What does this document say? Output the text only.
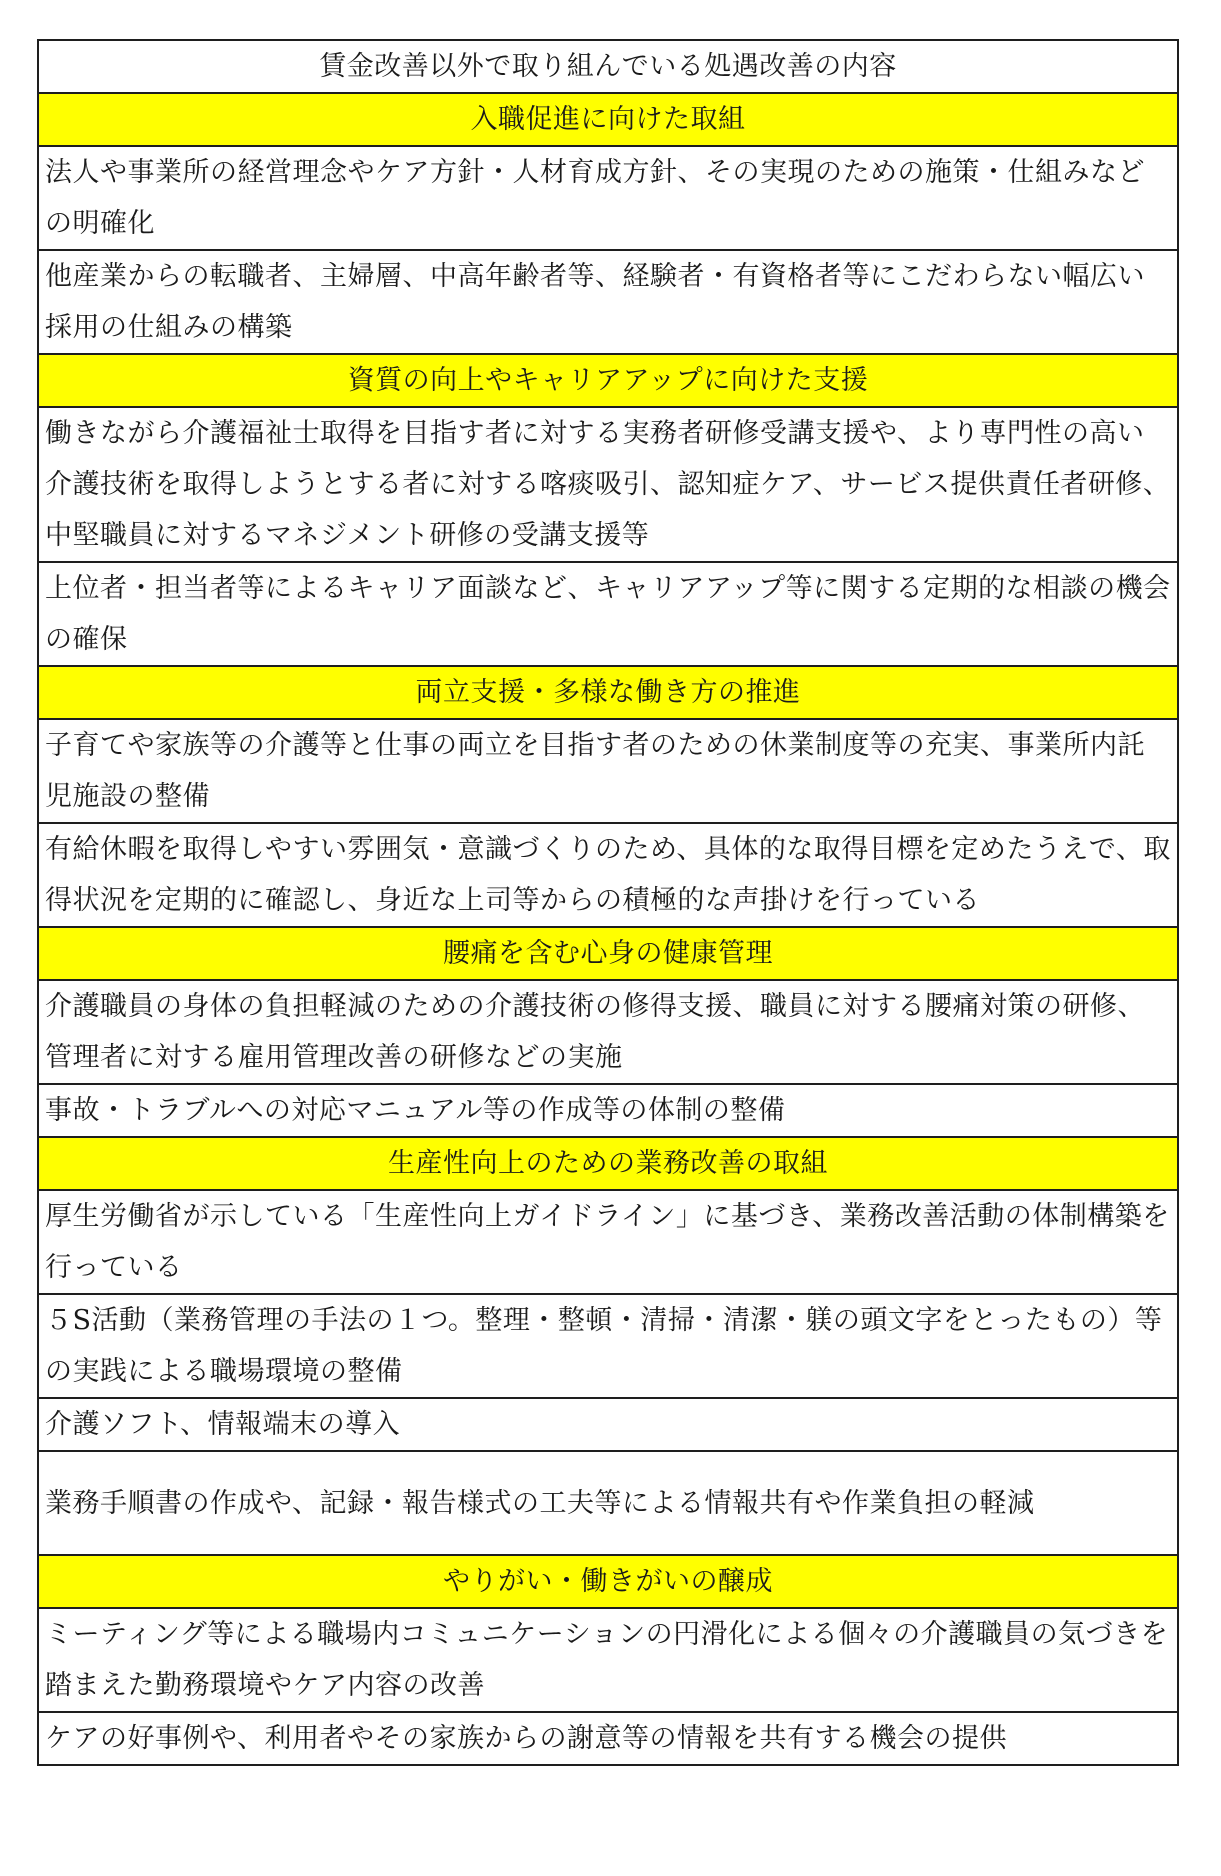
賃金改善以外で取り組んでいる処遇改善の内容
入職促進に向けた取組
法人や事業所の経営理念やケア方針・人材育成方針、その実現のための施策・仕組みなどの明確化
他産業からの転職者、主婦層、中高年齢者等、経験者・有資格者等にこだわらない幅広い採用の仕組みの構築
資質の向上やキャリアアップに向けた支援
働きながら介護福祉士取得を目指す者に対する実務者研修受講支援や、より専門性の高い介護技術を取得しようとする者に対する喀痰吸引、認知症ケア、サービス提供責任者研修、中堅職員に対するマネジメント研修の受講支援等
上位者・担当者等によるキャリア面談など、キャリアアップ等に関する定期的な相談の機会の確保
両立支援・多様な働き方の推進
子育てや家族等の介護等と仕事の両立を目指す者のための休業制度等の充実、事業所内託児施設の整備
有給休暇を取得しやすい雰囲気・意識づくりのため、具体的な取得目標を定めたうえで、取得状況を定期的に確認し、身近な上司等からの積極的な声掛けを行っている
腰痛を含む心身の健康管理
介護職員の身体の負担軽減のための介護技術の修得支援、職員に対する腰痛対策の研修、管理者に対する雇用管理改善の研修などの実施
事故・トラブルへの対応マニュアル等の作成等の体制の整備
生産性向上のための業務改善の取組
厚生労働省が示している「生産性向上ガイドライン」に基づき、業務改善活動の体制構築を行っている
５S活動（業務管理の手法の１つ。整理・整頓・清掃・清潔・躾の頭文字をとったもの）等の実践による職場環境の整備
介護ソフト、情報端末の導入
業務手順書の作成や、記録・報告様式の工夫等による情報共有や作業負担の軽減
やりがい・働きがいの醸成
ミーティング等による職場内コミュニケーションの円滑化による個々の介護職員の気づきを踏まえた勤務環境やケア内容の改善
ケアの好事例や、利用者やその家族からの謝意等の情報を共有する機会の提供
